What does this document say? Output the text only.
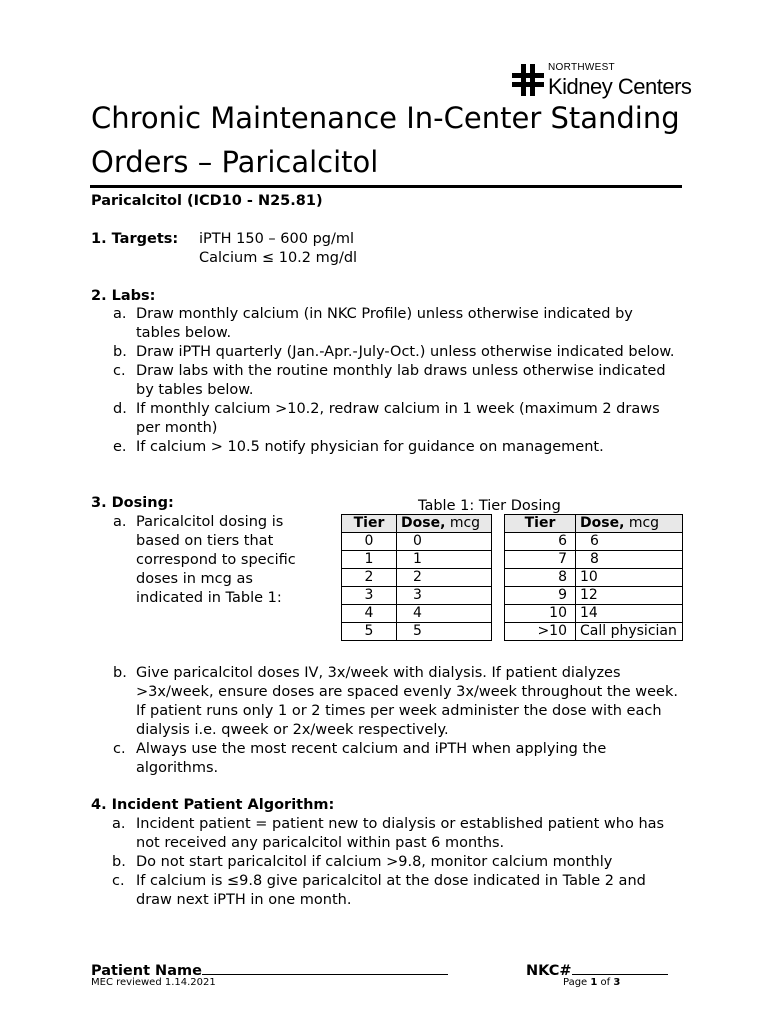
NORTHWEST
Kidney Centers
Chronic Maintenance In-Center Standing Orders – Paricalcitol
Paricalcitol (ICD10 - N25.81)
1. Targets: iPTH 150 – 600 pg/ml
Calcium ≤ 10.2 mg/dl
2. Labs:
a. Draw monthly calcium (in NKC Profile) unless otherwise indicated by tables below.
b. Draw iPTH quarterly (Jan.-Apr.-July-Oct.) unless otherwise indicated below.
c. Draw labs with the routine monthly lab draws unless otherwise indicated by tables below.
d. If monthly calcium >10.2, redraw calcium in 1 week (maximum 2 draws per month)
e. If calcium > 10.5 notify physician for guidance on management.
3. Dosing:
a. Paricalcitol dosing is based on tiers that correspond to specific doses in mcg as indicated in Table 1:
Table 1: Tier Dosing
Tier	Dose, mcg		Tier	Dose, mcg
0	0		6	6
1	1		7	8
2	2		8	10
3	3		9	12
4	4		10	14
5	5		>10	Call physician
b. Give paricalcitol doses IV, 3x/week with dialysis. If patient dialyzes >3x/week, ensure doses are spaced evenly 3x/week throughout the week. If patient runs only 1 or 2 times per week administer the dose with each dialysis i.e. qweek or 2x/week respectively.
c. Always use the most recent calcium and iPTH when applying the algorithms.
4. Incident Patient Algorithm:
a. Incident patient = patient new to dialysis or established patient who has not received any paricalcitol within past 6 months.
b. Do not start paricalcitol if calcium >9.8, monitor calcium monthly
c. If calcium is ≤9.8 give paricalcitol at the dose indicated in Table 2 and draw next iPTH in one month.
Patient Name	NKC#
MEC reviewed 1.14.2021	Page 1 of 3
